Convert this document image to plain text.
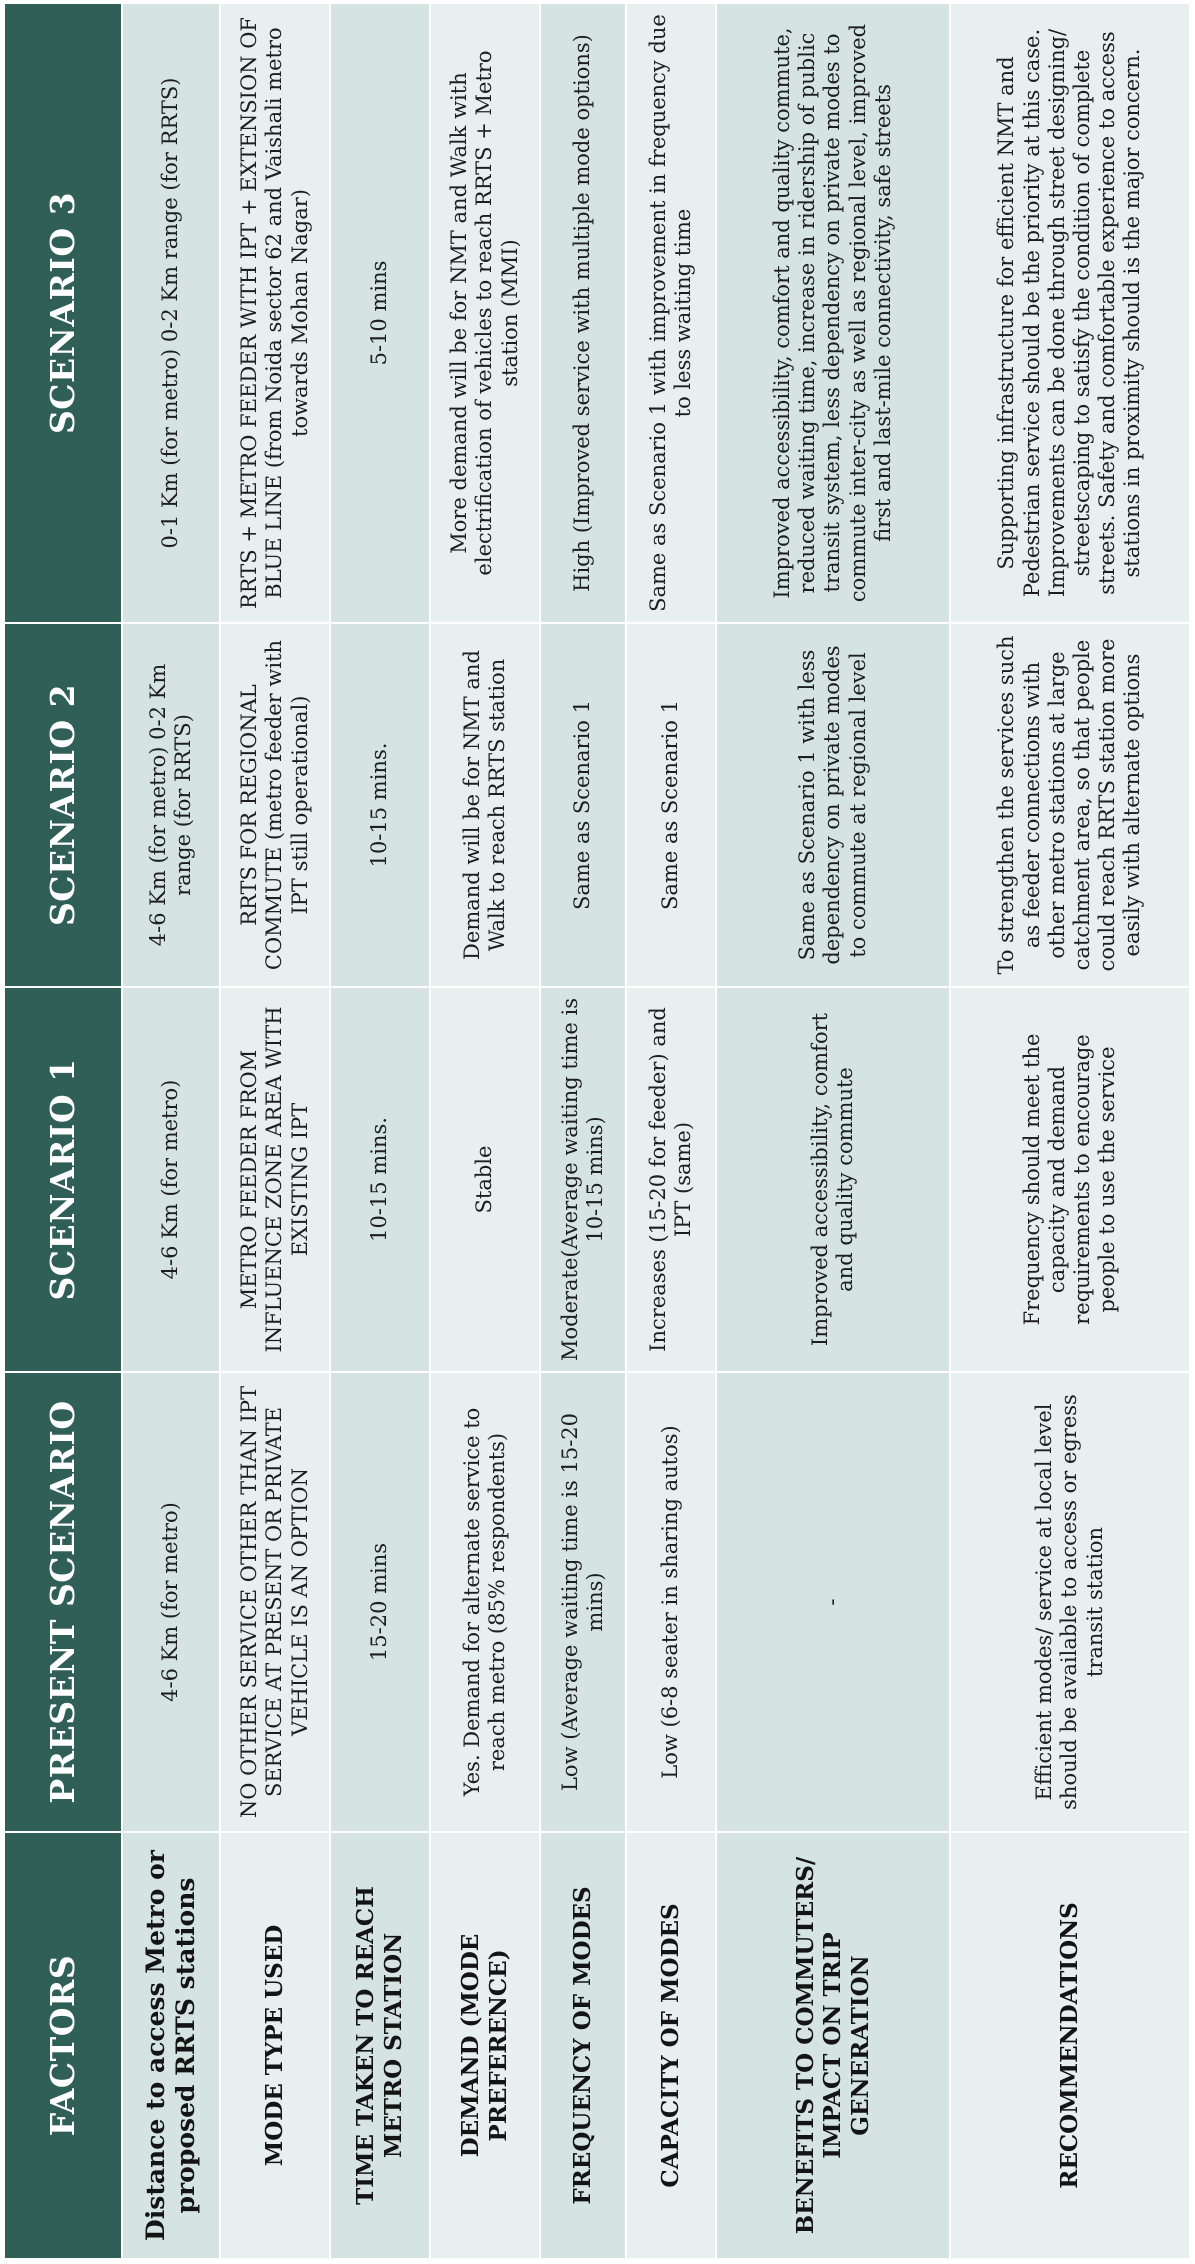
FACTORS	PRESENT SCENARIO	SCENARIO 1	SCENARIO 2	SCENARIO 3
Distance to access Metro or proposed RRTS stations	4-6 Km (for metro)	4-6 Km (for metro)	4-6 Km (for metro) 0-2 Km range (for RRTS)	0-1 Km (for metro) 0-2 Km range (for RRTS)
MODE TYPE USED	NO OTHER SERVICE OTHER THAN IPT SERVICE AT PRESENT OR PRIVATE VEHICLE IS AN OPTION	METRO FEEDER FROM INFLUENCE ZONE AREA WITH EXISTING IPT	RRTS FOR REGIONAL COMMUTE (metro feeder with IPT still operational)	RRTS + METRO FEEDER WITH IPT + EXTENSION OF BLUE LINE (from Noida sector 62 and Vaishali metro towards Mohan Nagar)
TIME TAKEN TO REACH METRO STATION	15-20 mins	10-15 mins.	10-15 mins.	5-10 mins
DEMAND (MODE PREFERENCE)	Yes. Demand for alternate service to reach metro (85% respondents)	Stable	Demand will be for NMT and Walk to reach RRTS station	More demand will be for NMT and Walk with electrification of vehicles to reach RRTS + Metro station (MMI)
FREQUENCY OF MODES	Low (Average waiting time is 15-20 mins)	Moderate(Average waiting time is 10-15 mins)	Same as Scenario 1	High (Improved service with multiple mode options)
CAPACITY OF MODES	Low (6-8 seater in sharing autos)	Increases (15-20 for feeder) and IPT (same)	Same as Scenario 1	Same as Scenario 1 with improvement in frequency due to less waiting time
BENEFITS TO COMMUTERS/ IMPACT ON TRIP GENERATION	-	Improved accessibility, comfort and quality commute	Same as Scenario 1 with less dependency on private modes to commute at regional level	Improved accessibility, comfort and quality commute, reduced waiting time, increase in ridership of public transit system, less dependency on private modes to commute inter-city as well as regional level, improved first and last-mile connectivity, safe streets
RECOMMENDATIONS	Efficient modes/ service at local level should be available to access or egress transit station	Frequency should meet the capacity and demand requirements to encourage people to use the service	To strengthen the services such as feeder connections with other metro stations at large catchment area, so that people could reach RRTS station more easily with alternate options	Supporting infrastructure for efficient NMT and Pedestrian service should be the priority at this case. Improvements can be done through street designing/ streetscaping to satisfy the condition of complete streets. Safety and comfortable experience to access stations in proximity should is the major concern.
